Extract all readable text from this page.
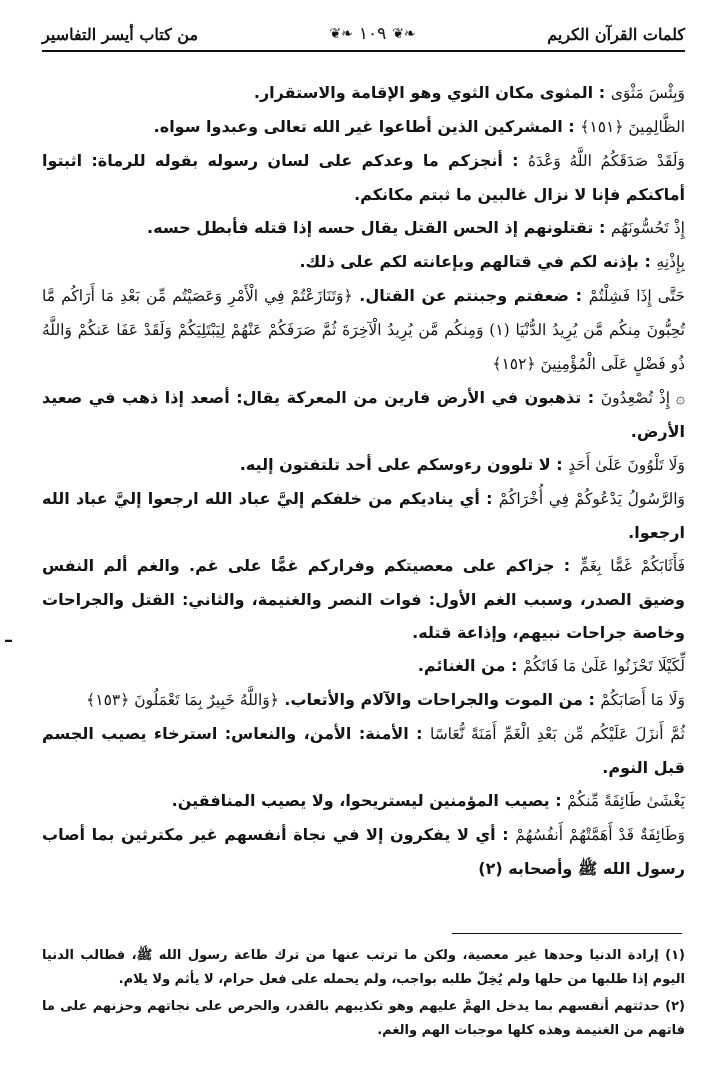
من كتاب أيسر التفاسير	❦❧ ١٠٩ ❦❧	كلمات القرآن الكريم

وَبِئْسَ مَثْوَى : المثوى مكان الثوي وهو الإقامة والاستقرار.

الظَّالِمِينَ ﴿١٥١﴾ : المشركين الذين أطاعوا غير الله تعالى وعبدوا سواه.

وَلَقَدْ صَدَقَكُمُ اللَّهُ وَعْدَهُ : أنجزكم ما وعدكم على لسان رسوله بقوله للرماة: اثبتوا أماكنكم فإنا لا نزال غالبين ما ثبتم مكانكم.

إِذْ تَحُسُّونَهُم : تقتلونهم إذ الحس القتل يقال حسه إذا قتله فأبطل حسه.

بِإِذْنِهِ : بإذنه لكم في قتالهم وبإعانته لكم على ذلك.

حَتَّى إِذَا فَشِلْتُمْ : ضعفتم وجبنتم عن القتال. ﴿وَتَنَازَعْتُمْ فِي الْأَمْرِ وَعَصَيْتُم مِّن بَعْدِ مَا أَرَاكُم مَّا تُحِبُّونَ مِنكُم مَّن يُرِيدُ الدُّنْيَا (١) وَمِنكُم مَّن يُرِيدُ الْآخِرَةَ ثُمَّ صَرَفَكُمْ عَنْهُمْ لِيَبْتَلِيَكُمْ وَلَقَدْ عَفَا عَنكُمْ وَاللَّهُ ذُو فَضْلٍ عَلَى الْمُؤْمِنِينَ ﴿١٥٢﴾

۞ إِذْ تُصْعِدُونَ : تذهبون في الأرض فارين من المعركة يقال: أصعد إذا ذهب في صعيد الأرض.

وَلَا تَلْوُونَ عَلَىٰ أَحَدٍ : لا تلوون رءوسكم على أحد تلتفتون إليه.

وَالرَّسُولُ يَدْعُوكُمْ فِي أُخْرَاكُمْ : أي يناديكم من خلفكم إليَّ عباد الله ارجعوا إليَّ عباد الله ارجعوا.

فَأَثَابَكُمْ غَمًّا بِغَمٍّ : جزاكم على معصيتكم وفراركم غمًّا على غم. والغم ألم النفس وضيق الصدر، وسبب الغم الأول: فوات النصر والغنيمة، والثاني: القتل والجراحات وخاصة جراحات نبيهم، وإذاعة قتله.

لِّكَيْلَا تَحْزَنُوا عَلَىٰ مَا فَاتَكُمْ : من الغنائم.

وَلَا مَا أَصَابَكُمْ : من الموت والجراحات والآلام والأتعاب. ﴿وَاللَّهُ خَبِيرٌ بِمَا تَعْمَلُونَ ﴿١٥٣﴾

ثُمَّ أَنزَلَ عَلَيْكُم مِّن بَعْدِ الْغَمِّ أَمَنَةً نُّعَاسًا : الأمنة: الأمن، والنعاس: استرخاء يصيب الجسم قبل النوم.

يَغْشَىٰ طَائِفَةً مِّنكُمْ : يصيب المؤمنين ليستريحوا، ولا يصيب المنافقين.

وَطَائِفَةٌ قَدْ أَهَمَّتْهُمْ أَنفُسُهُمْ : أي لا يفكرون إلا في نجاة أنفسهم غير مكترثين بما أصاب رسول الله ﷺ وأصحابه (٢)

–

(١) إرادة الدنيا وحدها غير معصية، ولكن ما ترتب عنها من ترك طاعة رسول الله ﷺ، فطالب الدنيا اليوم إذا طلبها من حلها ولم يُخِلّ طلبه بواجب، ولم يحمله على فعل حرام، لا يأثم ولا يلام.

(٢) حدثتهم أنفسهم بما يدخل الهمَّ عليهم وهو تكذيبهم بالقدر، والحرص على نجاتهم وحزنهم على ما فاتهم من الغنيمة وهذه كلها موجبات الهم والغم.
